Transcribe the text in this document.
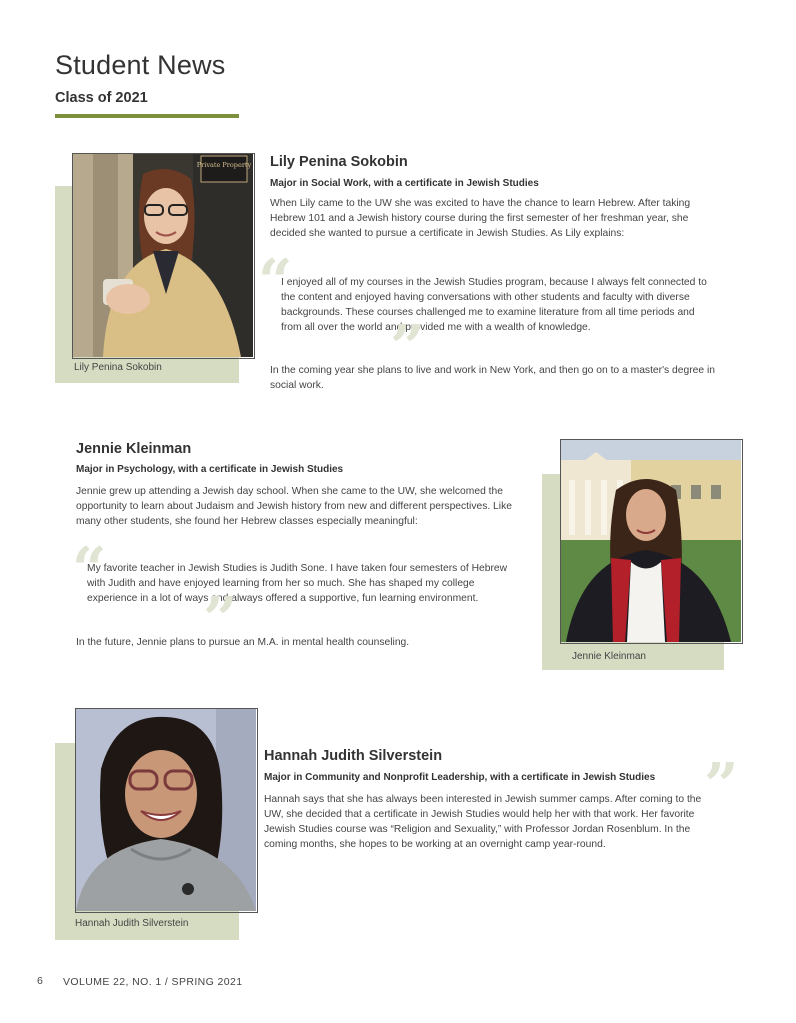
Student News
Class of 2021
Private Property
Lily Penina Sokobin
Lily Penina Sokobin
Major in Social Work, with a certificate in Jewish Studies

When Lily came to the UW she was excited to have the chance to learn Hebrew. After taking Hebrew 101 and a Jewish history course during the first semester of her freshman year, she decided she wanted to pursue a certificate in Jewish Studies. As Lily explains:

“

I enjoyed all of my courses in the Jewish Studies program, because I always felt connected to the content and enjoyed having conversations with other students and faculty with diverse backgrounds. These courses challenged me to examine literature from all time periods and from all over the world and provided me with a wealth of knowledge.

”

In the coming year she plans to live and work in New York, and then go on to a master's degree in social work.

Jennie Kleinman
Major in Psychology, with a certificate in Jewish Studies

Jennie grew up attending a Jewish day school. When she came to the UW, she welcomed the opportunity to learn about Judaism and Jewish history from new and different perspectives. Like many other students, she found her Hebrew classes especially meaningful:

“

My favorite teacher in Jewish Studies is Judith Sone. I have taken four semesters of Hebrew with Judith and have enjoyed learning from her so much. She has shaped my college experience in a lot of ways and always offered a supportive, fun learning environment.

”

In the future, Jennie plans to pursue an M.A. in mental health counseling.

Jennie Kleinman
Hannah Judith Silverstein
Hannah Judith Silverstein
Major in Community and Nonprofit Leadership, with a certificate in Jewish Studies ”

Hannah says that she has always been interested in Jewish summer camps. After coming to the UW, she decided that a certificate in Jewish Studies would help her with that work. Her favorite Jewish Studies course was “Religion and Sexuality,” with Professor Jordan Rosenblum. In the coming months, she hopes to be working at an overnight camp year-round.

6 VOLUME 22, NO. 1 / SPRING 2021
